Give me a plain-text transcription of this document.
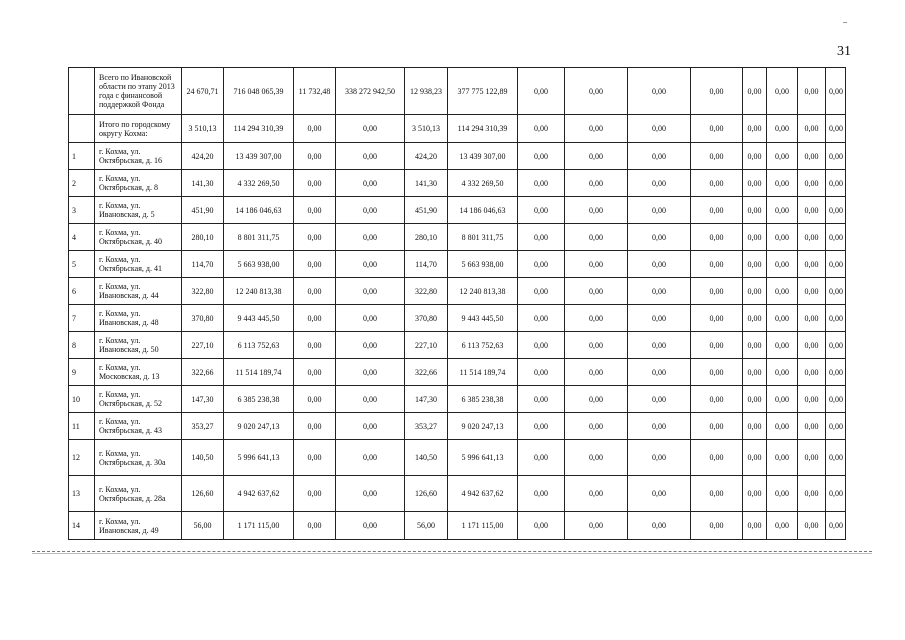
31
	Всего по Ивановской области по этапу 2013 года с финансовой поддержкой Фонда	24 670,71	716 048 065,39	11 732,48	338 272 942,50	12 938,23	377 775 122,89	0,00	0,00	0,00	0,00	0,00	0,00	0,00	0,00
	Итого по городскому округу Кохма:	3 510,13	114 294 310,39	0,00	0,00	3 510,13	114 294 310,39	0,00	0,00	0,00	0,00	0,00	0,00	0,00	0,00
1	г. Кохма, ул. Октябрьская, д. 16	424,20	13 439 307,00	0,00	0,00	424,20	13 439 307,00	0,00	0,00	0,00	0,00	0,00	0,00	0,00	0,00
2	г. Кохма, ул. Октябрьская, д. 8	141,30	4 332 269,50	0,00	0,00	141,30	4 332 269,50	0,00	0,00	0,00	0,00	0,00	0,00	0,00	0,00
3	г. Кохма, ул. Ивановская, д. 5	451,90	14 186 046,63	0,00	0,00	451,90	14 186 046,63	0,00	0,00	0,00	0,00	0,00	0,00	0,00	0,00
4	г. Кохма, ул. Октябрьская, д. 40	280,10	8 801 311,75	0,00	0,00	280,10	8 801 311,75	0,00	0,00	0,00	0,00	0,00	0,00	0,00	0,00
5	г. Кохма, ул. Октябрьская, д. 41	114,70	5 663 938,00	0,00	0,00	114,70	5 663 938,00	0,00	0,00	0,00	0,00	0,00	0,00	0,00	0,00
6	г. Кохма, ул. Ивановская, д. 44	322,80	12 240 813,38	0,00	0,00	322,80	12 240 813,38	0,00	0,00	0,00	0,00	0,00	0,00	0,00	0,00
7	г. Кохма, ул. Ивановская, д. 48	370,80	9 443 445,50	0,00	0,00	370,80	9 443 445,50	0,00	0,00	0,00	0,00	0,00	0,00	0,00	0,00
8	г. Кохма, ул. Ивановская, д. 50	227,10	6 113 752,63	0,00	0,00	227,10	6 113 752,63	0,00	0,00	0,00	0,00	0,00	0,00	0,00	0,00
9	г. Кохма, ул. Московская, д. 13	322,66	11 514 189,74	0,00	0,00	322,66	11 514 189,74	0,00	0,00	0,00	0,00	0,00	0,00	0,00	0,00
10	г. Кохма, ул. Октябрьская, д. 52	147,30	6 385 238,38	0,00	0,00	147,30	6 385 238,38	0,00	0,00	0,00	0,00	0,00	0,00	0,00	0,00
11	г. Кохма, ул. Октябрьская, д. 43	353,27	9 020 247,13	0,00	0,00	353,27	9 020 247,13	0,00	0,00	0,00	0,00	0,00	0,00	0,00	0,00
12	г. Кохма, ул. Октябрьская, д. 30а	140,50	5 996 641,13	0,00	0,00	140,50	5 996 641,13	0,00	0,00	0,00	0,00	0,00	0,00	0,00	0,00
13	г. Кохма, ул. Октябрьская, д. 28а	126,60	4 942 637,62	0,00	0,00	126,60	4 942 637,62	0,00	0,00	0,00	0,00	0,00	0,00	0,00	0,00
14	г. Кохма, ул. Ивановская, д. 49	56,00	1 171 115,00	0,00	0,00	56,00	1 171 115,00	0,00	0,00	0,00	0,00	0,00	0,00	0,00	0,00
